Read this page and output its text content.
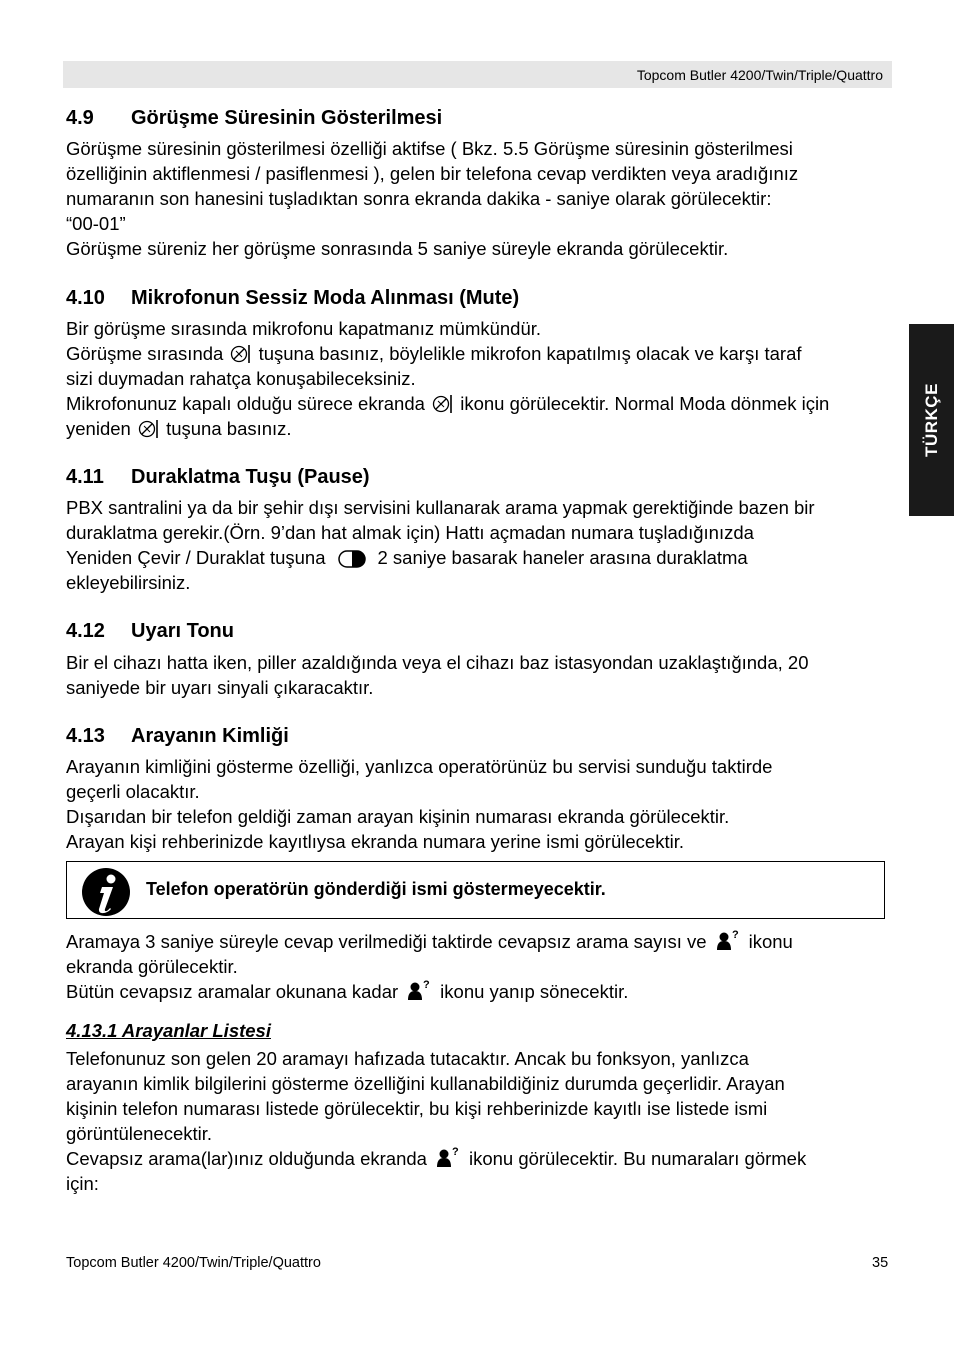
Topcom Butler 4200/Twin/Triple/Quattro
TÜRKÇE
4.9 Görüşme Süresinin Gösterilmesi
Görüşme süresinin gösterilmesi özelliği aktifse ( Bkz. 5.5 Görüşme süresinin gösterilmesi
özelliğinin aktiflenmesi / pasiflenmesi ), gelen bir telefona cevap verdikten veya aradığınız
numaranın son hanesini tuşladıktan sonra ekranda dakika - saniye olarak görülecektir:
“00-01”
Görüşme süreniz her görüşme sonrasında 5 saniye süreyle ekranda görülecektir.
4.10 Mikrofonun Sessiz Moda Alınması (Mute)
Bir görüşme sırasında mikrofonu kapatmanız mümkündür.
Görüşme sırasında  tuşuna basınız, böylelikle mikrofon kapatılmış olacak ve karşı taraf
sizi duymadan rahatça konuşabileceksiniz.
Mikrofonunuz kapalı olduğu sürece ekranda  ikonu görülecektir. Normal Moda dönmek için
yeniden  tuşuna basınız.
4.11 Duraklatma Tuşu (Pause)
PBX santralini ya da bir şehir dışı servisini kullanarak arama yapmak gerektiğinde bazen bir
duraklatma gerekir.(Örn. 9’dan hat almak için) Hattı açmadan numara tuşladığınızda
Yeniden Çevir / Duraklat tuşuna	2 saniye basarak haneler arasına duraklatma
ekleyebilirsiniz.
4.12 Uyarı Tonu
Bir el cihazı hatta iken, piller azaldığında veya el cihazı baz istasyondan uzaklaştığında, 20
saniyede bir uyarı sinyali çıkaracaktır.
4.13 Arayanın Kimliği
Arayanın kimliğini gösterme özelliği, yanlızca operatörünüz bu servisi sunduğu taktirde
geçerli olacaktır.
Dışarıdan bir telefon geldiği zaman arayan kişinin numarası ekranda görülecektir.
Arayan kişi rehberinizde kayıtlıysa ekranda numara yerine ismi görülecektir.
Telefon operatörün gönderdiği ismi göstermeyecektir.
Aramaya 3 saniye süreyle cevap verilmediği taktirde cevapsız arama sayısı ve ? ikonu
ekranda görülecektir.
Bütün cevapsız aramalar okunana kadar ? ikonu yanıp sönecektir.
4.13.1 Arayanlar Listesi
Telefonunuz son gelen 20 aramayı hafızada tutacaktır. Ancak bu fonksyon, yanlızca
arayanın kimlik bilgilerini gösterme özelliğini kullanabildiğiniz durumda geçerlidir. Arayan
kişinin telefon numarası listede görülecektir, bu kişi rehberinizde kayıtlı ise listede ismi
görüntülenecektir.
Cevapsız arama(lar)ınız olduğunda ekranda ? ikonu görülecektir. Bu numaraları görmek
için:
Topcom Butler 4200/Twin/Triple/Quattro	35
